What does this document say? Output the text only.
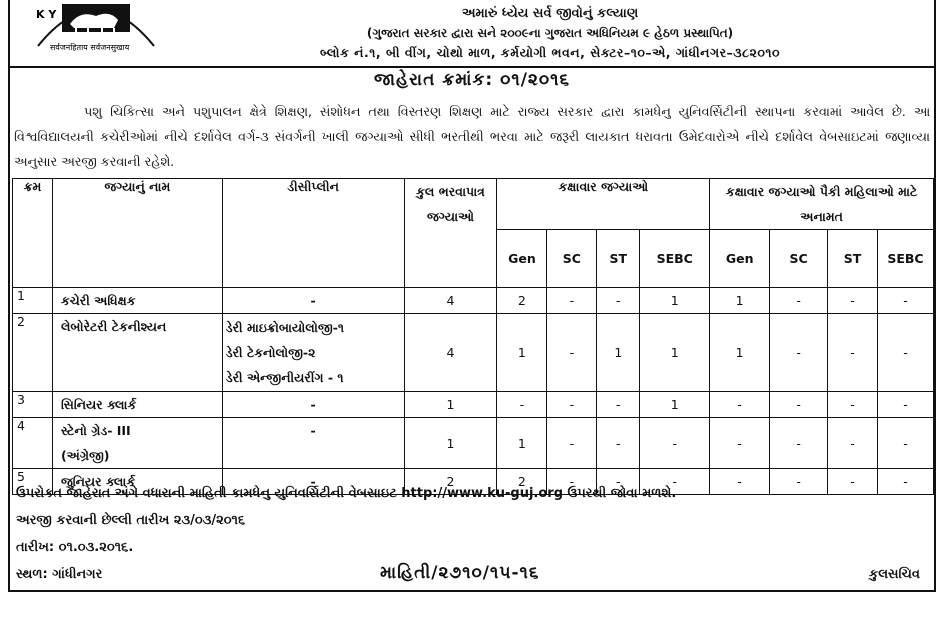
K Y
सर्वजनहिताय सर्वजनसुखाय
અમારું ધ્યેય સર્વ જીવોનું કલ્યાણ
(ગુજરાત સરકાર દ્વારા સને ૨૦૦૯ના ગુજરાત અધિનિયમ ૯ હેઠળ પ્રસ્થાપિત)
બ્લોક નં.૧, બી વીંગ, ચોથો માળ, કર્મયોગી ભવન, સેક્ટર–૧૦–એ, ગાંધીનગર–૩૮૨૦૧૦
જાહેરાત ક્રમાંક: ૦૧/૨૦૧૬
પશુ ચિકિત્સા અને પશુપાલન ક્ષેત્રે શિક્ષણ, સંશોધન તથા વિસ્તરણ શિક્ષણ માટે રાજ્ય સરકાર દ્વારા કામધેનુ યુનિવર્સિટીની સ્થાપના કરવામાં આવેલ છે. આ વિશ્વવિદ્યાલયની કચેરીઓમાં નીચે દર્શાવેલ વર્ગ-૩ સંવર્ગની ખાલી જગ્યાઓ સીધી ભરતીથી ભરવા માટે જરૂરી લાયકાત ધરાવતા ઉમેદવારોએ નીચે દર્શાવેલ વેબસાઇટમાં જણાવ્યા અનુસાર અરજી કરવાની રહેશે.
ક્રમ	જગ્યાનું નામ	ડીસીપ્લીન	કુલ ભરવાપાત્ર જગ્યાઓ	કક્ષાવાર જગ્યાઓ				કક્ષાવાર જગ્યાઓ પૈકી મહિલાઓ માટે અનામત			
				Gen	SC	ST	SEBC	Gen	SC	ST	SEBC
1	કચેરી અધિક્ષક	-	4	2	-	-	1	1	-	-	-
2	લેબોરેટરી ટેકનીશ્યન	ડેરી માઇક્રોબાયોલોજી-૧
ડેરી ટેકનોલોજી-૨
ડેરી એન્જીનીયરીંગ - ૧	4	1	-	1	1	1	-	-	-
3	સિનિયર ક્લાર્ક	-	1	-	-	-	1	-	-	-	-
4	સ્ટેનો ગ્રેડ- III
(અંગ્રેજી)	-	1	1	-	-	-	-	-	-	-
5	જુનિયર ક્લાર્ક	-	2	2	-	-	-	-	-	-	-
ઉપરોકત જાહેરાત અંગે વધારાની માહિતી કામધેનુ યુનિવર્સિટીની વેબસાઇટ http://www.ku-guj.org ઉપરથી જોવા મળશે.
અરજી કરવાની છેલ્લી તારીખ ૨૩/૦૩/૨૦૧૬
તારીખ: ૦૧.૦૩.૨૦૧૬.
સ્થળ: ગાંધીનગર	માહિતી/૨૭૧૦/૧૫-૧૬	કુલસચિવ
